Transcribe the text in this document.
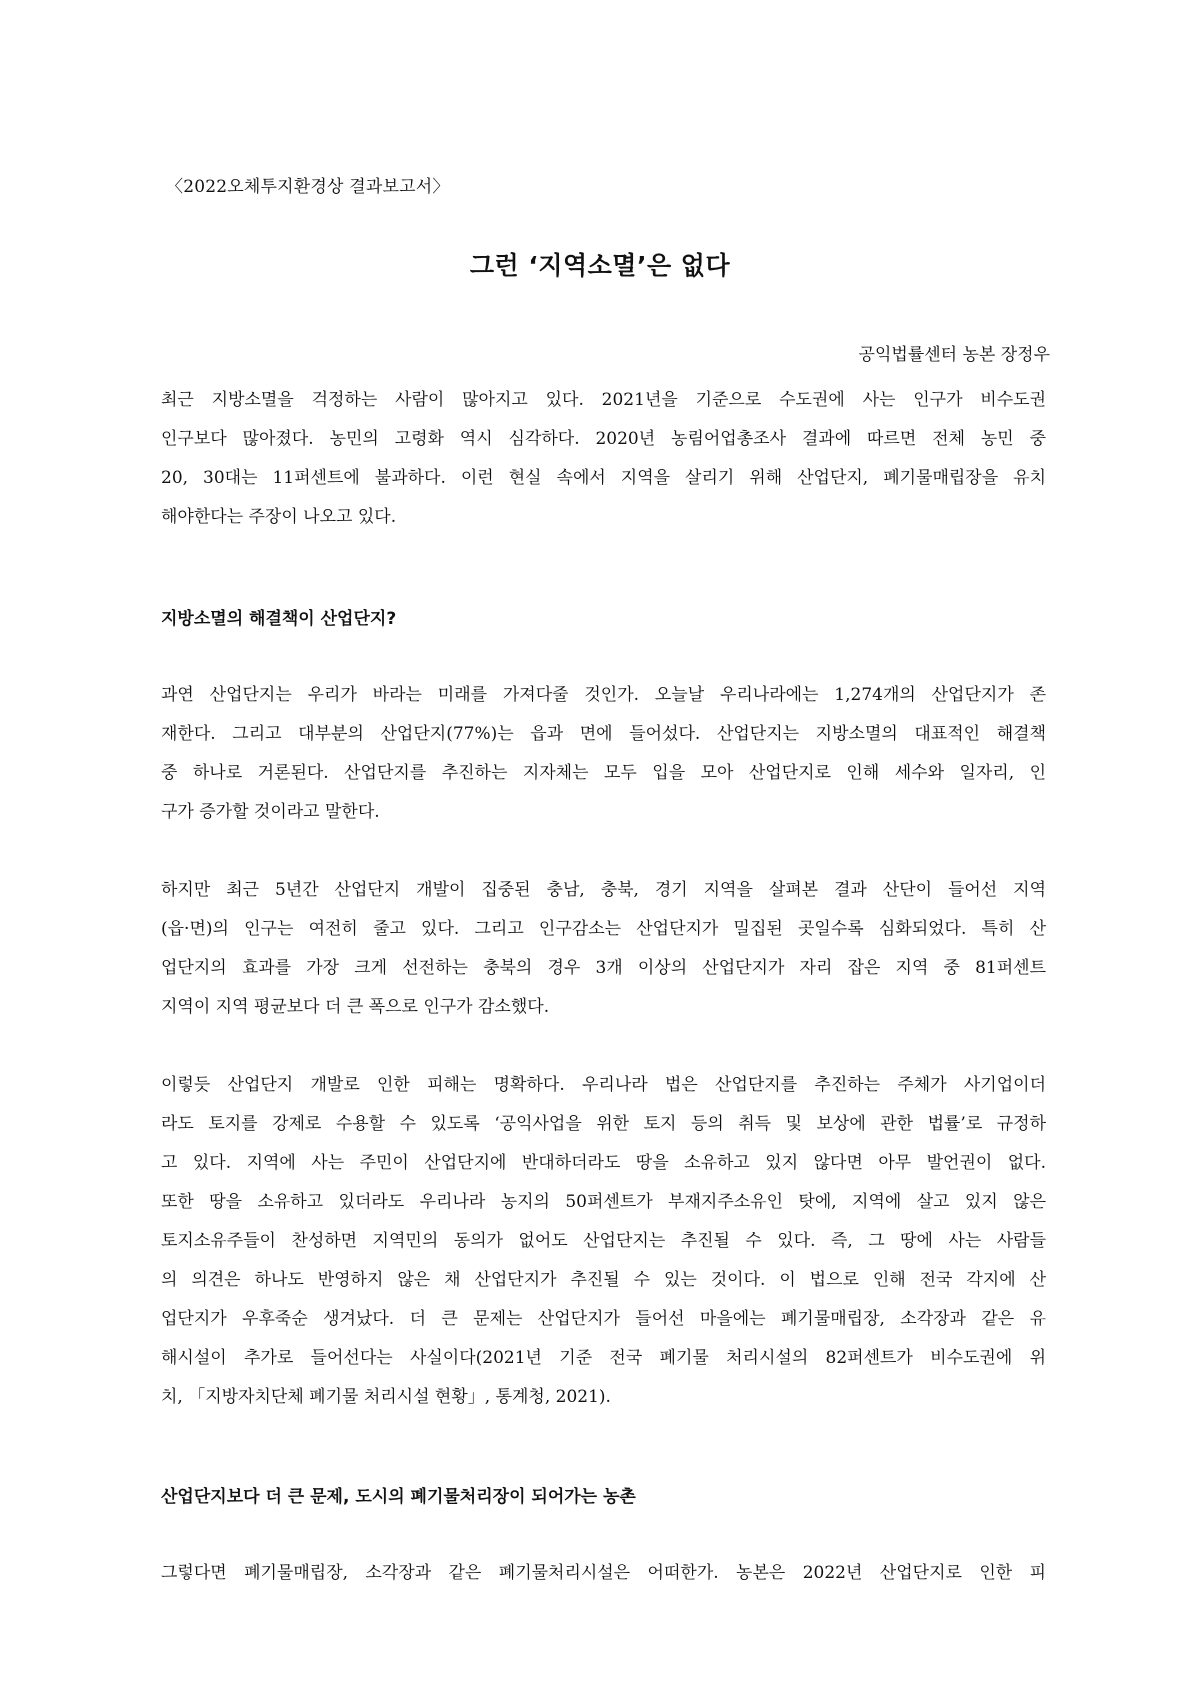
〈2022오체투지환경상 결과보고서〉
그런 ‘지역소멸’은 없다
공익법률센터 농본 장정우
최근 지방소멸을 걱정하는 사람이 많아지고 있다. 2021년을 기준으로 수도권에 사는 인구가 비수도권
인구보다 많아졌다. 농민의 고령화 역시 심각하다. 2020년 농림어업총조사 결과에 따르면 전체 농민 중
20, 30대는 11퍼센트에 불과하다. 이런 현실 속에서 지역을 살리기 위해 산업단지, 폐기물매립장을 유치
해야한다는 주장이 나오고 있다.
지방소멸의 해결책이 산업단지?
과연 산업단지는 우리가 바라는 미래를 가져다줄 것인가. 오늘날 우리나라에는 1,274개의 산업단지가 존
재한다. 그리고 대부분의 산업단지(77%)는 읍과 면에 들어섰다. 산업단지는 지방소멸의 대표적인 해결책
중 하나로 거론된다. 산업단지를 추진하는 지자체는 모두 입을 모아 산업단지로 인해 세수와 일자리, 인
구가 증가할 것이라고 말한다.
하지만 최근 5년간 산업단지 개발이 집중된 충남, 충북, 경기 지역을 살펴본 결과 산단이 들어선 지역
(읍·면)의 인구는 여전히 줄고 있다. 그리고 인구감소는 산업단지가 밀집된 곳일수록 심화되었다. 특히 산
업단지의 효과를 가장 크게 선전하는 충북의 경우 3개 이상의 산업단지가 자리 잡은 지역 중 81퍼센트
지역이 지역 평균보다 더 큰 폭으로 인구가 감소했다.
이렇듯 산업단지 개발로 인한 피해는 명확하다. 우리나라 법은 산업단지를 추진하는 주체가 사기업이더
라도 토지를 강제로 수용할 수 있도록 ‘공익사업을 위한 토지 등의 취득 및 보상에 관한 법률’로 규정하
고 있다. 지역에 사는 주민이 산업단지에 반대하더라도 땅을 소유하고 있지 않다면 아무 발언권이 없다.
또한 땅을 소유하고 있더라도 우리나라 농지의 50퍼센트가 부재지주소유인 탓에, 지역에 살고 있지 않은
토지소유주들이 찬성하면 지역민의 동의가 없어도 산업단지는 추진될 수 있다. 즉, 그 땅에 사는 사람들
의 의견은 하나도 반영하지 않은 채 산업단지가 추진될 수 있는 것이다. 이 법으로 인해 전국 각지에 산
업단지가 우후죽순 생겨났다. 더 큰 문제는 산업단지가 들어선 마을에는 폐기물매립장, 소각장과 같은 유
해시설이 추가로 들어선다는 사실이다(2021년 기준 전국 폐기물 처리시설의 82퍼센트가 비수도권에 위
치, 「지방자치단체 폐기물 처리시설 현황」, 통계청, 2021).
산업단지보다 더 큰 문제, 도시의 폐기물처리장이 되어가는 농촌
그렇다면 폐기물매립장, 소각장과 같은 폐기물처리시설은 어떠한가. 농본은 2022년 산업단지로 인한 피
